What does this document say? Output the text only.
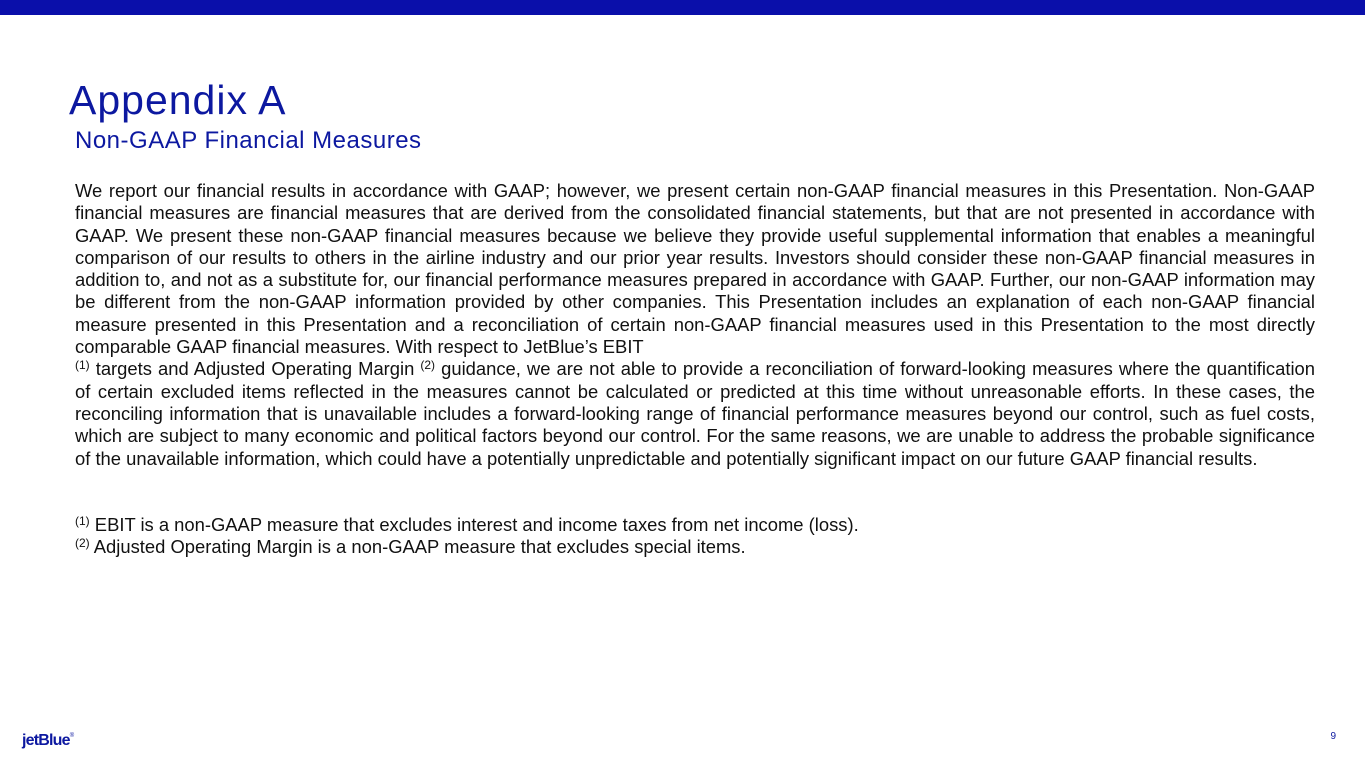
Appendix A
Non-GAAP Financial Measures

We report our financial results in accordance with GAAP; however, we present certain non-GAAP financial measures in this Presentation. Non-GAAP financial measures are financial measures that are derived from the consolidated financial statements, but that are not presented in accordance with GAAP. We present these non-GAAP financial measures because we believe they provide useful supplemental information that enables a meaningful comparison of our results to others in the airline industry and our prior year results. Investors should consider these non-GAAP financial measures in addition to, and not as a substitute for, our financial performance measures prepared in accordance with GAAP. Further, our non-GAAP information may be different from the non-GAAP information provided by other companies. This Presentation includes an explanation of each non-GAAP financial measure presented in this Presentation and a reconciliation of certain non-GAAP financial measures used in this Presentation to the most directly comparable GAAP financial measures. With respect to JetBlue’s EBIT
$^{(1)}$ targets and Adjusted Operating Margin $^{(2)}$ guidance, we are not able to provide a reconciliation of forward-looking measures where the quantification of certain excluded items reflected in the measures cannot be calculated or predicted at this time without unreasonable efforts. In these cases, the reconciling information that is unavailable includes a forward-looking range of financial performance measures beyond our control, such as fuel costs, which are subject to many economic and political factors beyond our control. For the same reasons, we are unable to address the probable significance of the unavailable information, which could have a potentially unpredictable and potentially significant impact on our future GAAP financial results.

$^{(1)}$ EBIT is a non-GAAP measure that excludes interest and income taxes from net income (loss).

$^{(2)}$ Adjusted Operating Margin is a non-GAAP measure that excludes special items.

jetBlue®	9
